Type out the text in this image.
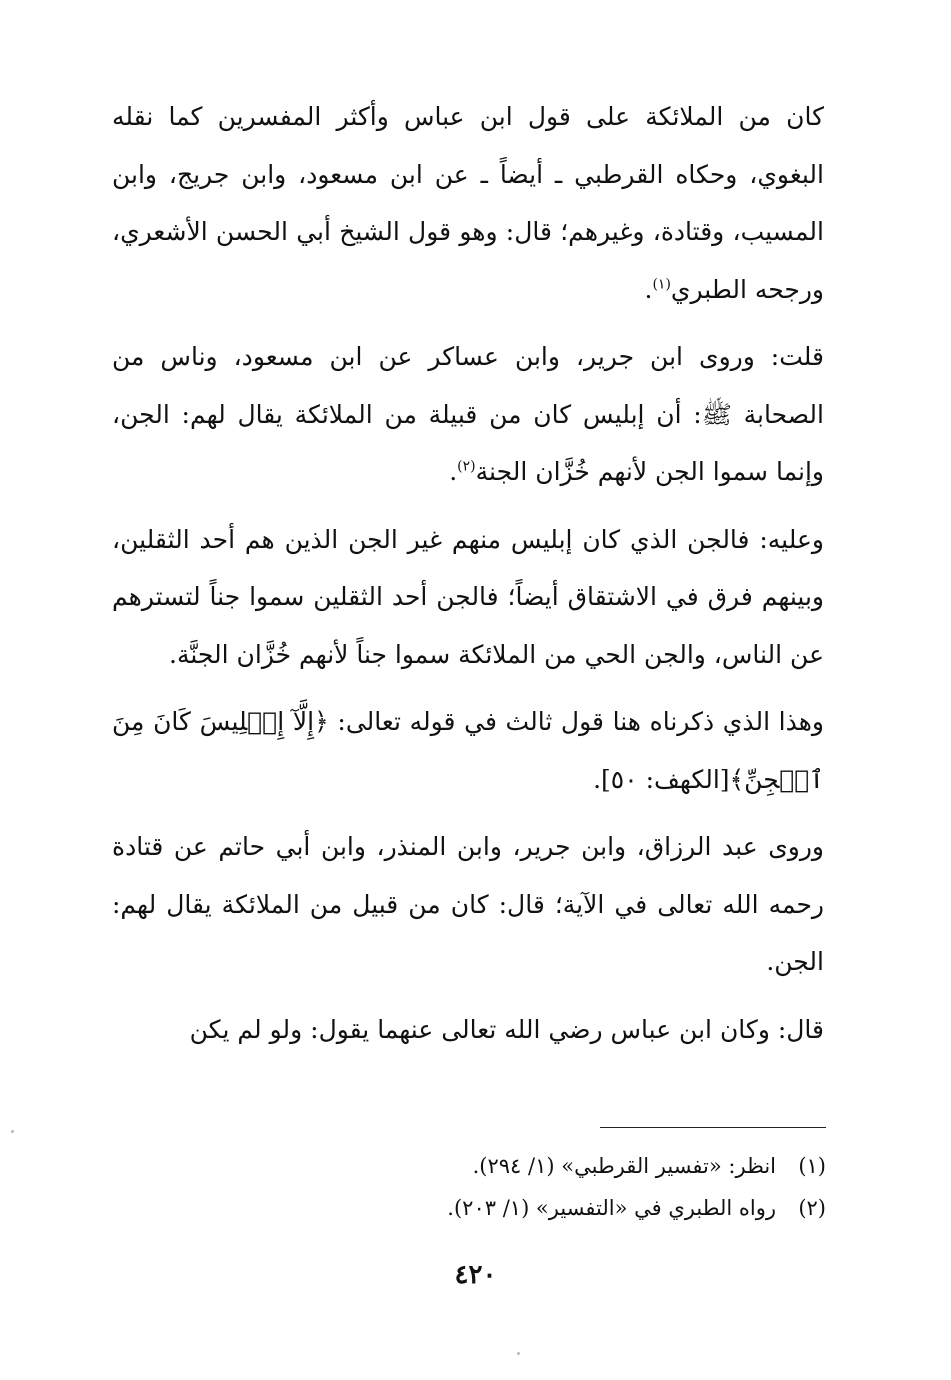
كان من الملائكة على قول ابن عباس وأكثر المفسرين كما نقله البغوي، وحكاه القرطبي ـ أيضاً ـ عن ابن مسعود، وابن جريج، وابن المسيب، وقتادة، وغيرهم؛ قال: وهو قول الشيخ أبي الحسن الأشعري، ورجحه الطبري$^{(١)}$.

قلت: وروى ابن جرير، وابن عساكر عن ابن مسعود، وناس من الصحابة ﷺ: أن إبليس كان من قبيلة من الملائكة يقال لهم: الجن، وإنما سموا الجن لأنهم خُزَّان الجنة$^{(٢)}$.

وعليه: فالجن الذي كان إبليس منهم غير الجن الذين هم أحد الثقلين، وبينهم فرق في الاشتقاق أيضاً؛ فالجن أحد الثقلين سموا جناً لتسترهم عن الناس، والجن الحي من الملائكة سموا جناً لأنهم خُزَّان الجنَّة.

وهذا الذي ذكرناه هنا قول ثالث في قوله تعالى: ﴿إِلَّآ إِبۡلِيسَ كَانَ مِنَ ٱلۡجِنِّ﴾[الكهف: ٥٠].

وروى عبد الرزاق، وابن جرير، وابن المنذر، وابن أبي حاتم عن قتادة رحمه الله تعالى في الآية؛ قال: كان من قبيل من الملائكة يقال لهم: الجن.

قال: وكان ابن عباس رضي الله تعالى عنهما يقول: ولو لم يكن

(١)انظر: «تفسير القرطبي» (١/ ٢٩٤).

(٢)رواه الطبري في «التفسير» (١/ ٢٠٣).

٤٢٠
